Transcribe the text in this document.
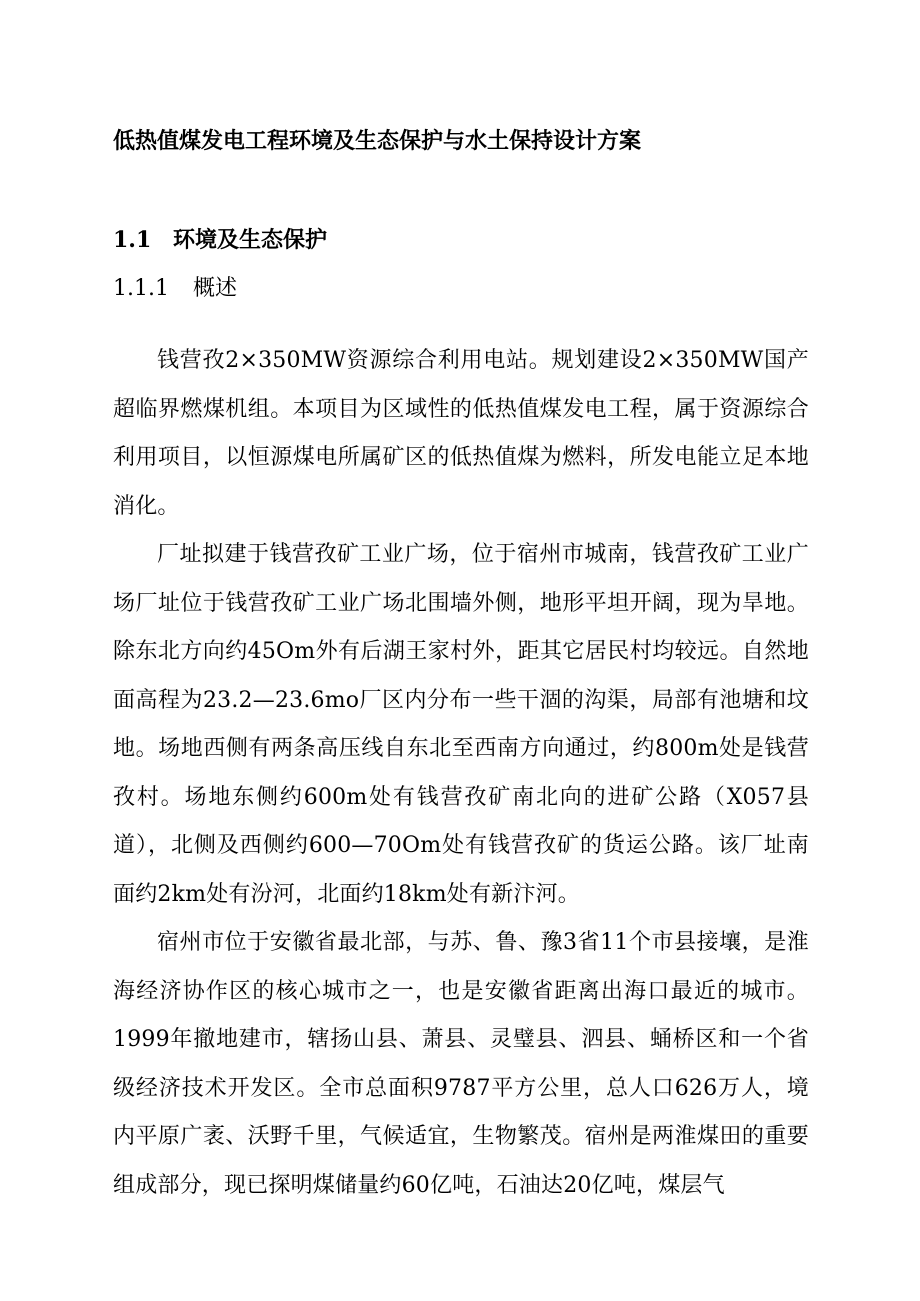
低热值煤发电工程环境及生态保护与水土保持设计方案
1.1 环境及生态保护
1.1.1 概述

钱营孜2×350MW资源综合利用电站。规划建设2×350MW国产超临界燃煤机组。本项目为区域性的低热值煤发电工程，属于资源综合利用项目，以恒源煤电所属矿区的低热值煤为燃料，所发电能立足本地消化。

厂址拟建于钱营孜矿工业广场，位于宿州市城南，钱营孜矿工业广场厂址位于钱营孜矿工业广场北围墙外侧，地形平坦开阔，现为旱地。除东北方向约45Om外有后湖王家村外，距其它居民村均较远。自然地面高程为23.2—23.6mo厂区内分布一些干涸的沟渠，局部有池塘和坟地。场地西侧有两条高压线自东北至西南方向通过，约800m处是钱营孜村。场地东侧约600m处有钱营孜矿南北向的进矿公路（X057县道），北侧及西侧约600—70Om处有钱营孜矿的货运公路。该厂址南面约2km处有汾河，北面约18km处有新汴河。

宿州市位于安徽省最北部，与苏、鲁、豫3省11个市县接壤，是淮海经济协作区的核心城市之一，也是安徽省距离出海口最近的城市。1999年撤地建市，辖扬山县、萧县、灵璧县、泗县、蛹桥区和一个省级经济技术开发区。全市总面积9787平方公里，总人口626万人，境内平原广袤、沃野千里，气候适宜，生物繁茂。宿州是两淮煤田的重要组成部分，现已探明煤储量约60亿吨，石油达20亿吨，煤层气
